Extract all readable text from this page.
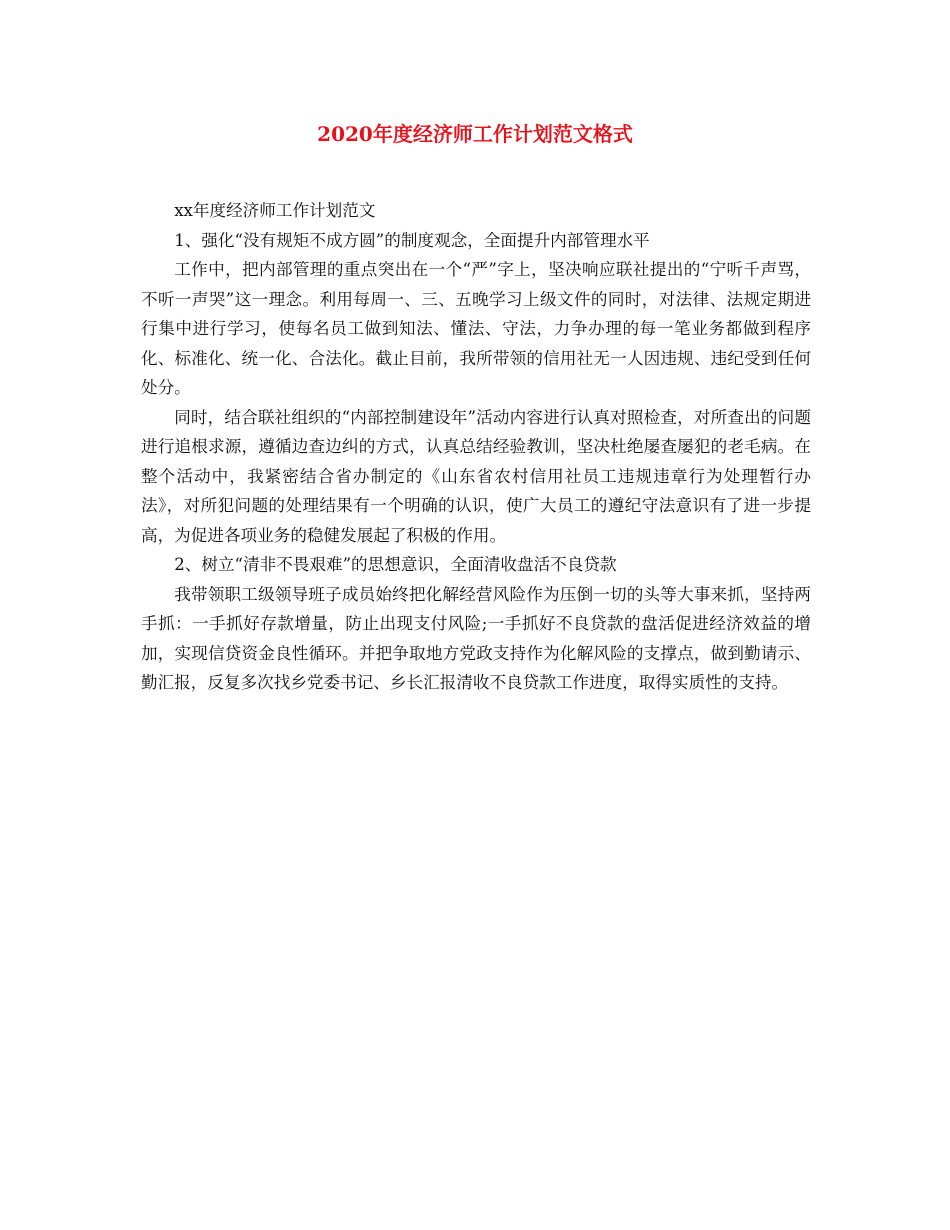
2020年度经济师工作计划范文格式

xx年度经济师工作计划范文

1、强化“没有规矩不成方圆”的制度观念，全面提升内部管理水平

工作中，把内部管理的重点突出在一个“严”字上，坚决响应联社提出的“宁听千声骂，不听一声哭”这一理念。利用每周一、三、五晚学习上级文件的同时，对法律、法规定期进行集中进行学习，使每名员工做到知法、懂法、守法，力争办理的每一笔业务都做到程序化、标准化、统一化、合法化。截止目前，我所带领的信用社无一人因违规、违纪受到任何处分。

同时，结合联社组织的“内部控制建设年”活动内容进行认真对照检查，对所查出的问题进行追根求源，遵循边查边纠的方式，认真总结经验教训，坚决杜绝屡查屡犯的老毛病。在整个活动中，我紧密结合省办制定的《山东省农村信用社员工违规违章行为处理暂行办法》，对所犯问题的处理结果有一个明确的认识，使广大员工的遵纪守法意识有了进一步提高，为促进各项业务的稳健发展起了积极的作用。

2、树立“清非不畏艰难”的思想意识，全面清收盘活不良贷款

我带领职工级领导班子成员始终把化解经营风险作为压倒一切的头等大事来抓，坚持两手抓：一手抓好存款增量，防止出现支付风险;一手抓好不良贷款的盘活促进经济效益的增加，实现信贷资金良性循环。并把争取地方党政支持作为化解风险的支撑点，做到勤请示、勤汇报，反复多次找乡党委书记、乡长汇报清收不良贷款工作进度，取得实质性的支持。
